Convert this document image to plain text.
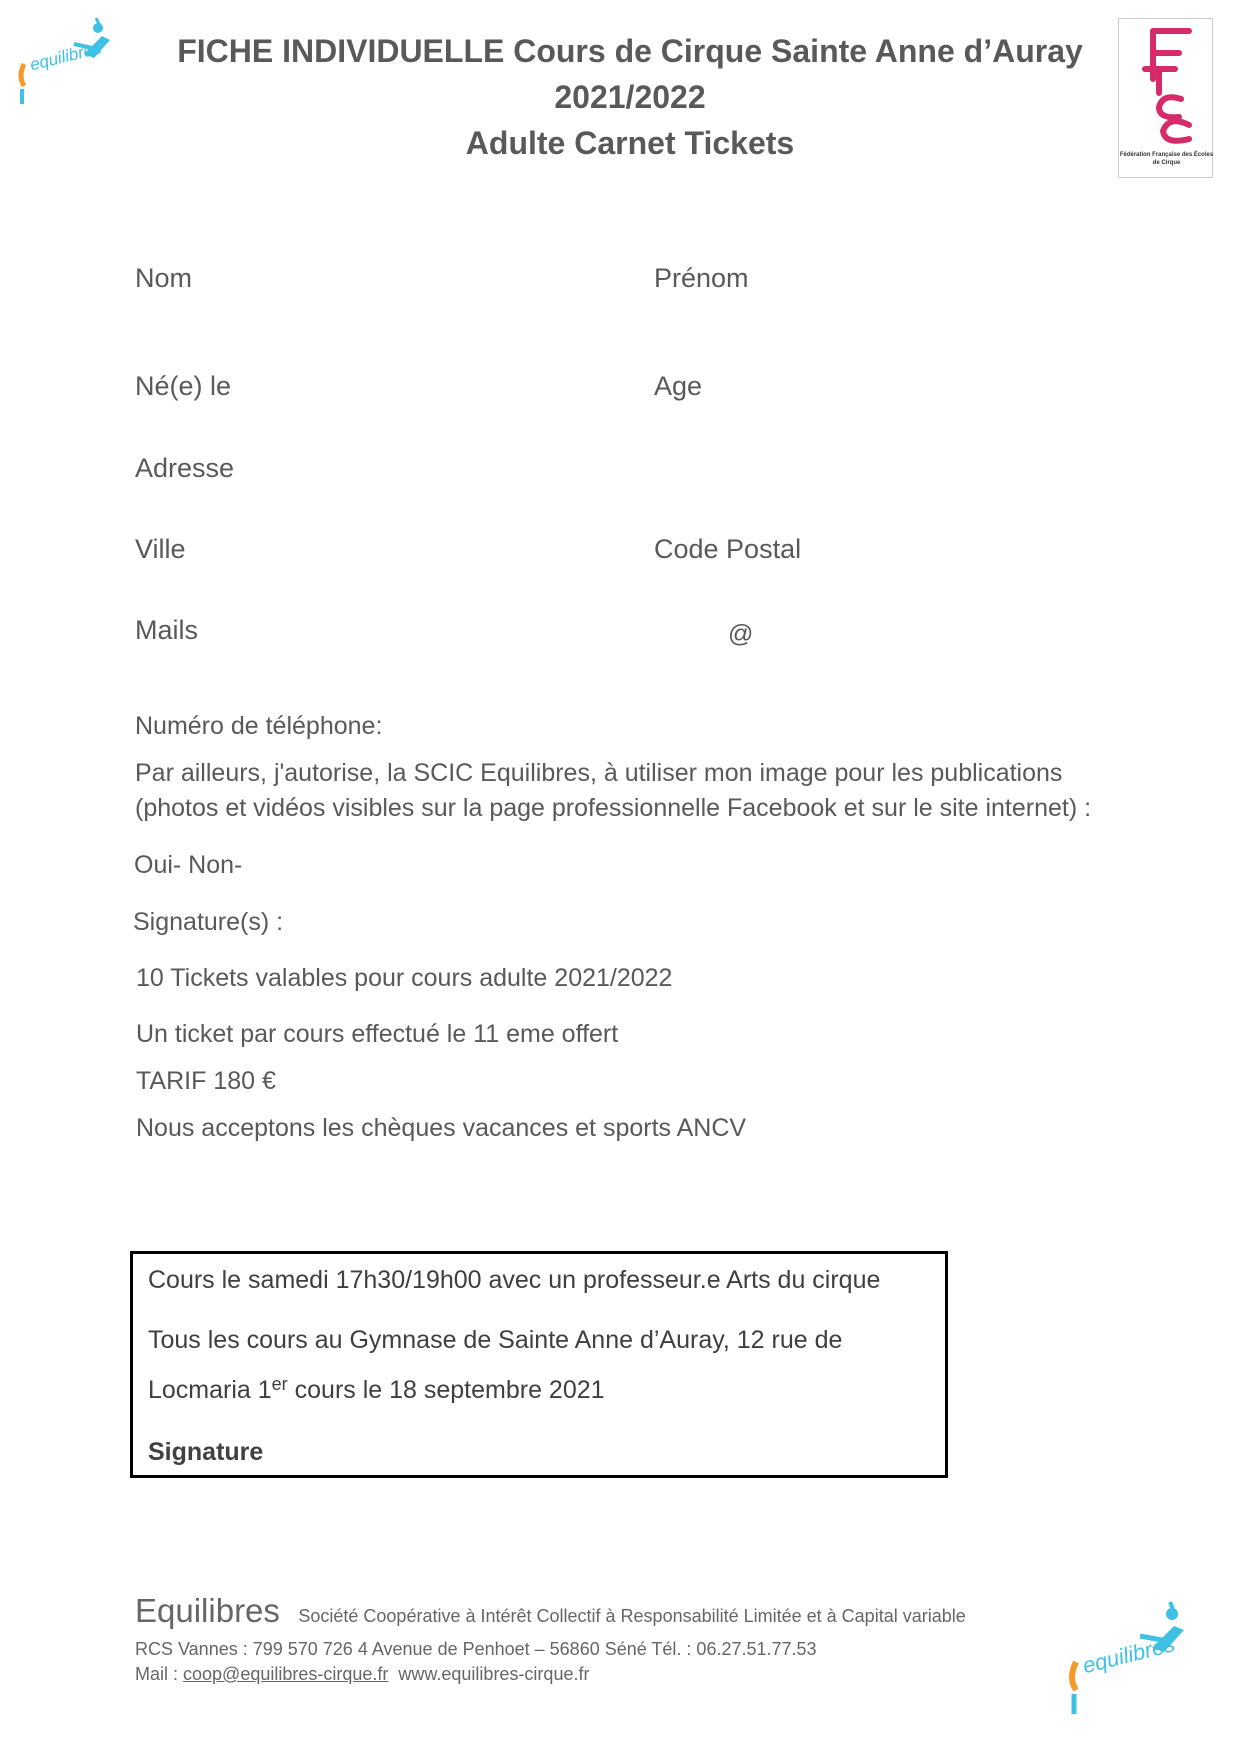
equilibres	FICHE INDIVIDUELLE Cours de Cirque Sainte Anne d’Auray
2021/2022
Adulte Carnet Tickets	Fédération Française des Écoles de Cirque
Nom	Prénom
Né(e) le	Age
Adresse
Ville	Code Postal
Mails	@
Numéro de téléphone:
Par ailleurs, j'autorise, la SCIC Equilibres, à utiliser mon image pour les publications
(photos et vidéos visibles sur la page professionnelle Facebook et sur le site internet) :
Oui- Non-
Signature(s) :
10 Tickets valables pour cours adulte 2021/2022
Un ticket par cours effectué le 11 eme offert
TARIF 180 €
Nous acceptons les chèques vacances et sports ANCV
Cours le samedi 17h30/19h00 avec un professeur.e Arts du cirque
Tous les cours au Gymnase de Sainte Anne d’Auray, 12 rue de
Locmaria 1er cours le 18 septembre 2021
Signature
Equilibres Société Coopérative à Intérêt Collectif à Responsabilité Limitée et à Capital variable
RCS Vannes : 799 570 726 4 Avenue de Penhoet – 56860 Séné Tél. : 06.27.51.77.53
Mail : coop@equilibres-cirque.fr  www.equilibres-cirque.fr	equilibres
